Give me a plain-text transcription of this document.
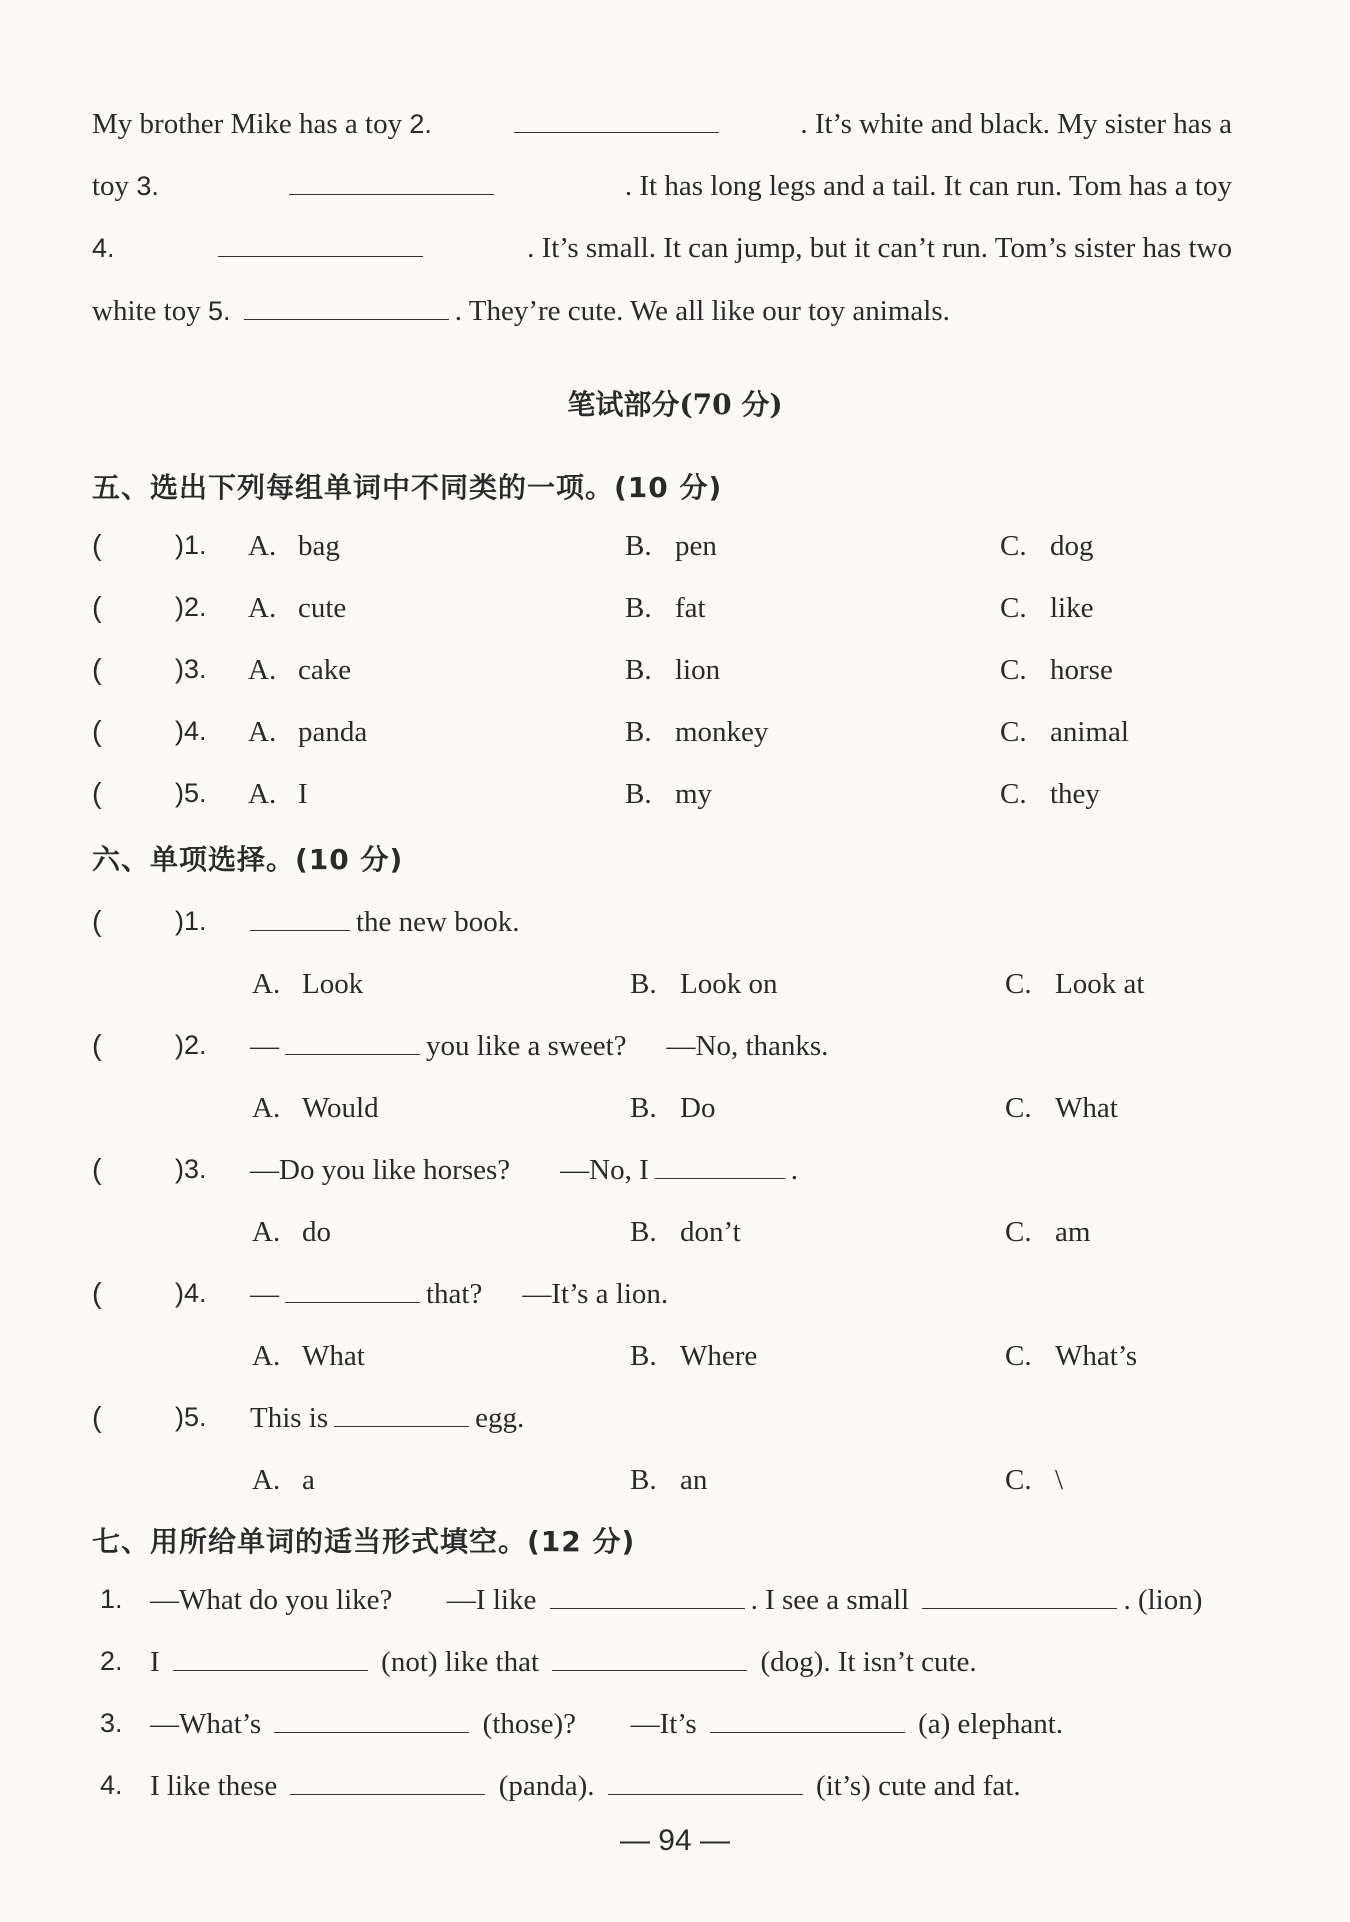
My brother Mike has a toy 2.	. It’s white and black. My sister has a
toy 3.	. It has long legs and a tail. It can run. Tom has a toy
4.	. It’s small. It can jump, but it can’t run. Tom’s sister has two
white toy 5.	. They’re cute. We all like our toy animals.
笔试部分(70 分)
五、选出下列每组单词中不同类的一项。(10 分)
(	)1. A. bag	B. pen	C. dog
(	)2. A. cute	B. fat	C. like
(	)3. A. cake	B. lion	C. horse
(	)4. A. panda	B. monkey	C. animal
(	)5. A. I	B. my	C. they
六、单项选择。(10 分)
(	)1.	the new book.
A. Look	B. Look on	C. Look at
(	)2. —	you like a sweet? —No, thanks.
A. Would	B. Do	C. What
(	)3. —Do you like horses? —No, I	.
A. do	B. don’t	C. am
(	)4. —	that? —It’s a lion.
A. What	B. Where	C. What’s
(	)5. This is	egg.
A. a	B. an	C. \
七、用所给单词的适当形式填空。(12 分)
1. —What do you like? —I like	. I see a small	. (lion)
2. I	(not) like that	(dog). It isn’t cute.
3. —What’s	(those)? —It’s	(a) elephant.
4. I like these	(panda).	(it’s) cute and fat.
— 94 —
